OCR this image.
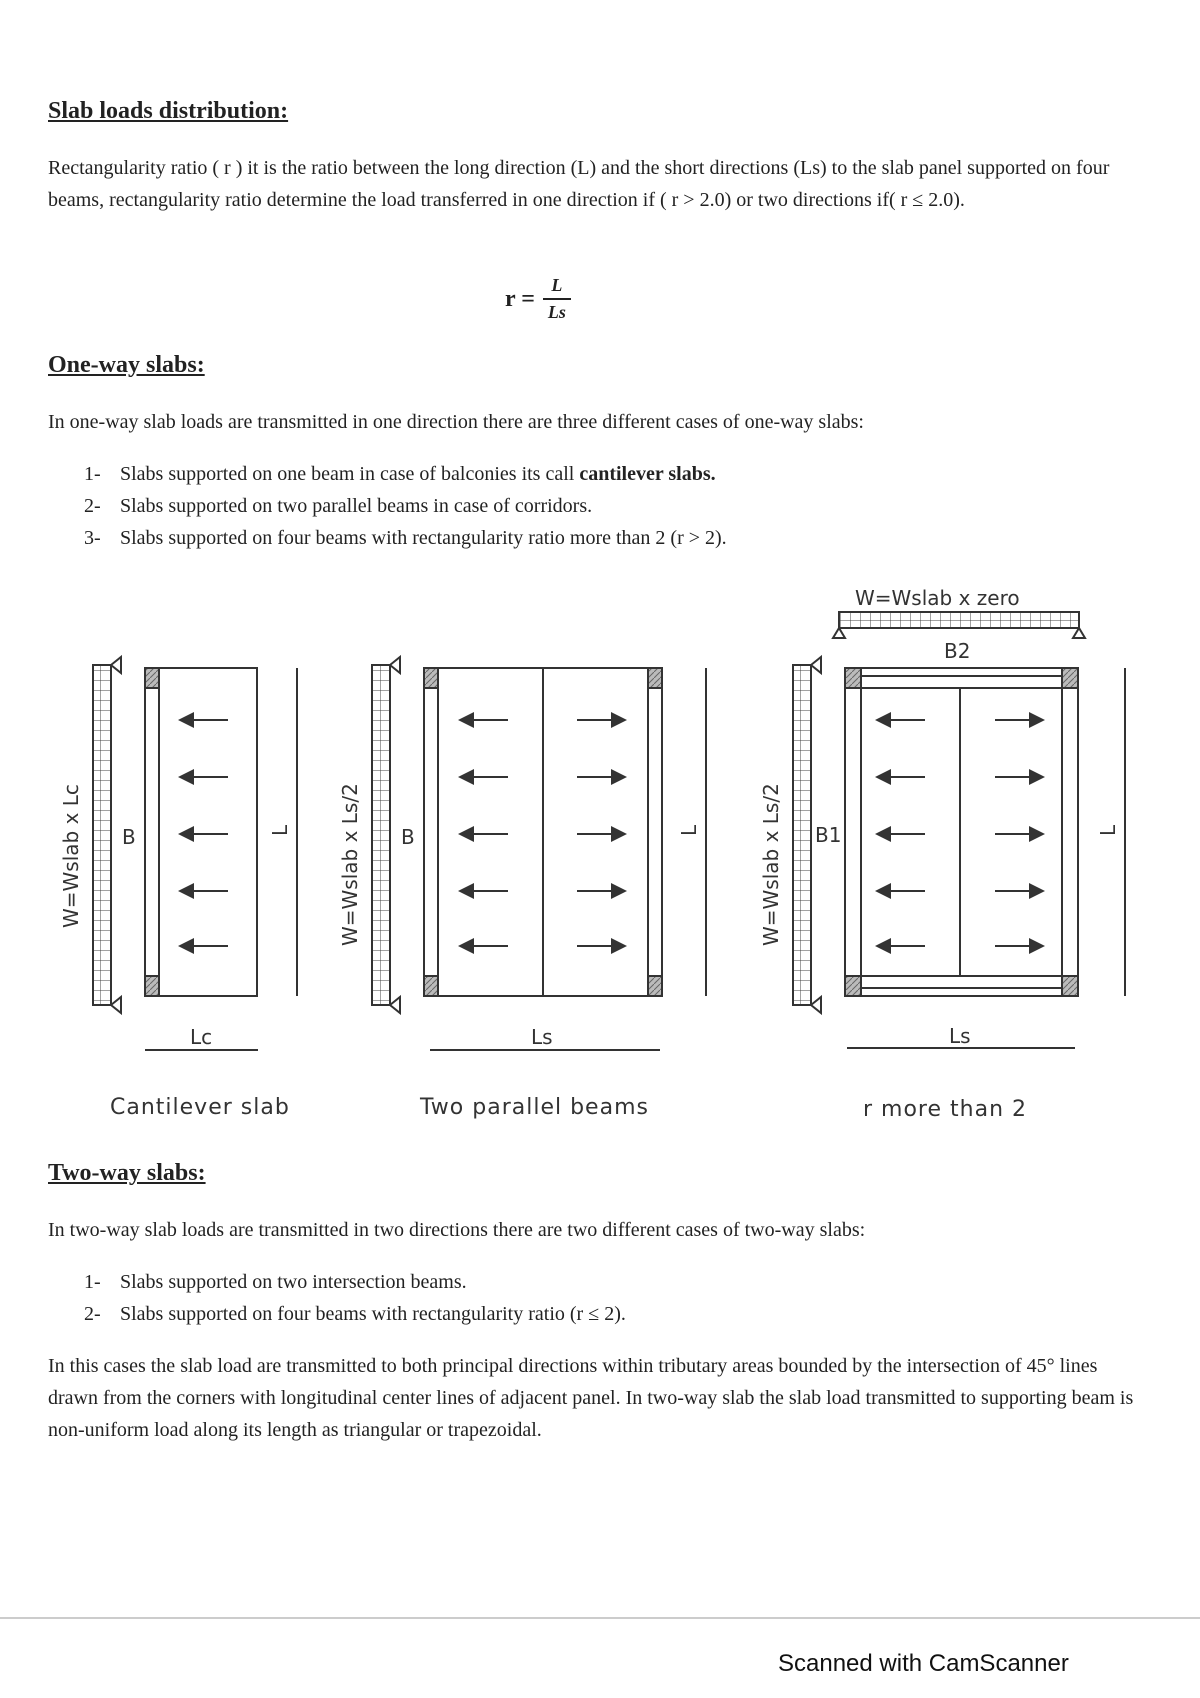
Slab loads distribution:

Rectangularity ratio ( r ) it is the ratio between the long direction (L) and the short directions (Ls) to the slab panel supported on four beams, rectangularity ratio determine the load transferred in one direction if ( r > 2.0) or two directions if( r ≤ 2.0).

$r = \frac{L}{Ls}$
One-way slabs:

In one-way slab loads are transmitted in one direction there are three different cases of one-way slabs:

1- Slabs supported on one beam in case of balconies its call cantilever slabs.

2- Slabs supported on two parallel beams in case of corridors.

3- Slabs supported on four beams with rectangularity ratio more than 2 (r > 2).

W=Wslab x Lc	W=Wslab x Ls/2	W=Wslab x Ls/2
B	B	B1
B2
W=Wslab x zero
Lc	Ls	Ls
L	L	L
Cantilever slab	Two parallel beams	r more than 2
Two-way slabs:

In two-way slab loads are transmitted in two directions there are two different cases of two-way slabs:

1- Slabs supported on two intersection beams.

2- Slabs supported on four beams with rectangularity ratio (r ≤ 2).

In this cases the slab load are transmitted to both principal directions within tributary areas bounded by the intersection of 45° lines drawn from the corners with longitudinal center lines of adjacent panel. In two-way slab the slab load transmitted to supporting beam is non-uniform load along its length as triangular or trapezoidal.

Scanned with CamScanner
